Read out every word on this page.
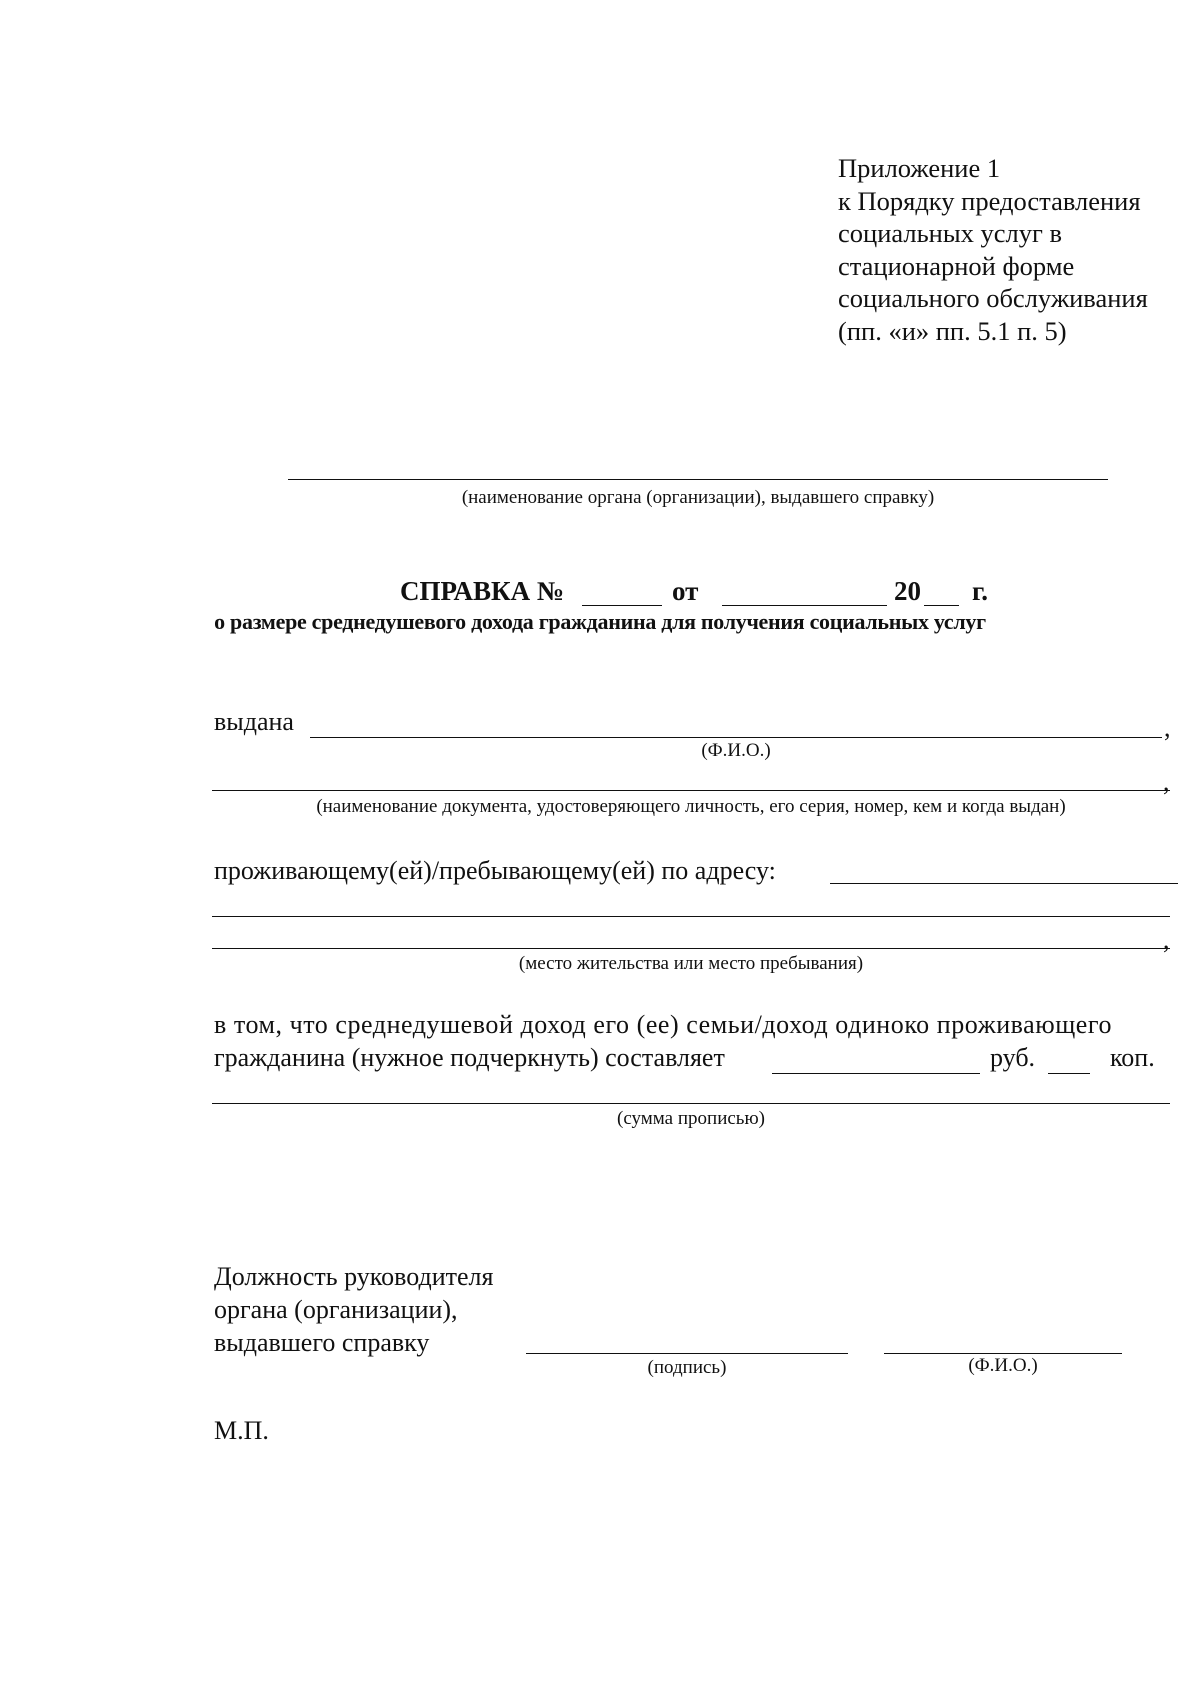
Приложение 1
к Порядку предоставления
социальных услуг в
стационарной форме
социального обслуживания
(пп. «и» пп. 5.1 п. 5)
(наименование органа (организации), выдавшего справку)
СПРАВКА №	от	20 г.
о размере среднедушевого дохода гражданина для получения социальных услуг
выдана	,
(Ф.И.О.)
,
(наименование документа, удостоверяющего личность, его серия, номер, кем и когда выдан)
проживающему(ей)/пребывающему(ей) по адресу:
,
(место жительства или место пребывания)
в том, что среднедушевой доход его (ее) семьи/доход одиноко проживающего
гражданина (нужное подчеркнуть) составляет	руб.	коп.
(сумма прописью)
Должность руководителя
органа (организации),
выдавшего справку
(подпись)	(Ф.И.О.)
М.П.
